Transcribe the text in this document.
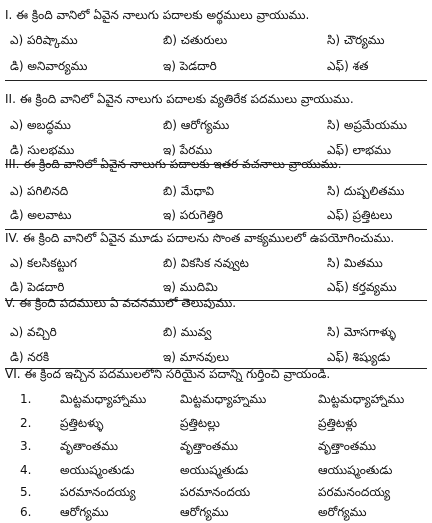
I. ఈ క్రింది వానిలో ఏవైన నాలుగు పదాలకు అర్థములు వ్రాయుము.
ఎ) పరిష్కాము	బి) చతురులు	సి) చౌర్యము
డి) అనివార్యము	ఇ) పెడదారి	ఎఫ్) శత
II. ఈ క్రింది వానిలో ఏవైన నాలుగు పదాలకు వ్యతిరేక పదములు వ్రాయుము.
ఎ) అబద్ధము	బి) ఆరోగ్యము	సి) అప్రమేయము
డి) సులభము	ఇ) పేరము	ఎఫ్) లాభము
III. ఈ క్రింది వానిలో ఏవైన నాలుగు పదాలకు ఇతర వచనాలు వ్రాయుము.
ఎ) పగిలినది	బి) మేధావి	సి) దుష్పలితము
డి) అలవాటు	ఇ) పరుగెత్తిరి	ఎఫ్) ప్రత్తిటలు
IV. ఈ క్రింది వానిలో ఏవైన మూడు పదాలను సొంత వాక్యములలో ఉపయోగించుము.
ఎ) కలసికట్టుగ	బి) వికసిక నవ్వుట	సి) మితము
డి) పెడదారి	ఇ) ముదిమి	ఎఫ్) కర్తవ్యము
V. ఈ క్రింది పదములు ఏ వచనములో తెలుపుము.
ఎ) వచ్చిరి	బి) మువ్వ	సి) మోసగాళ్ళు
డి) నరకి	ఇ) మానవులు	ఎఫ్) శిష్యుడు
VI. ఈ క్రింద ఇచ్చిన పదములలోని సరియైన పదాన్ని గుర్తించి వ్రాయండి.
1. మిట్టమధ్యాహ్నాము	మిట్టమధ్యాహ్నము	మిట్టమధ్యాహ్నాము
2. ప్రత్తిటళ్ళు	ప్రత్తిటల్లు	ప్రత్తిటళ్లు
3. వృతాంతము	వృత్తాంతము	వృత్తాంతము
4. అయుష్మంతుడు	అయుష్మతుడు	ఆయుష్మంతుడు
5. పరమానందయ్య	పరమానందయ	పరమనందయ్య
6. ఆరోగ్యము	ఆరోగ్యము	అరోగ్యము
